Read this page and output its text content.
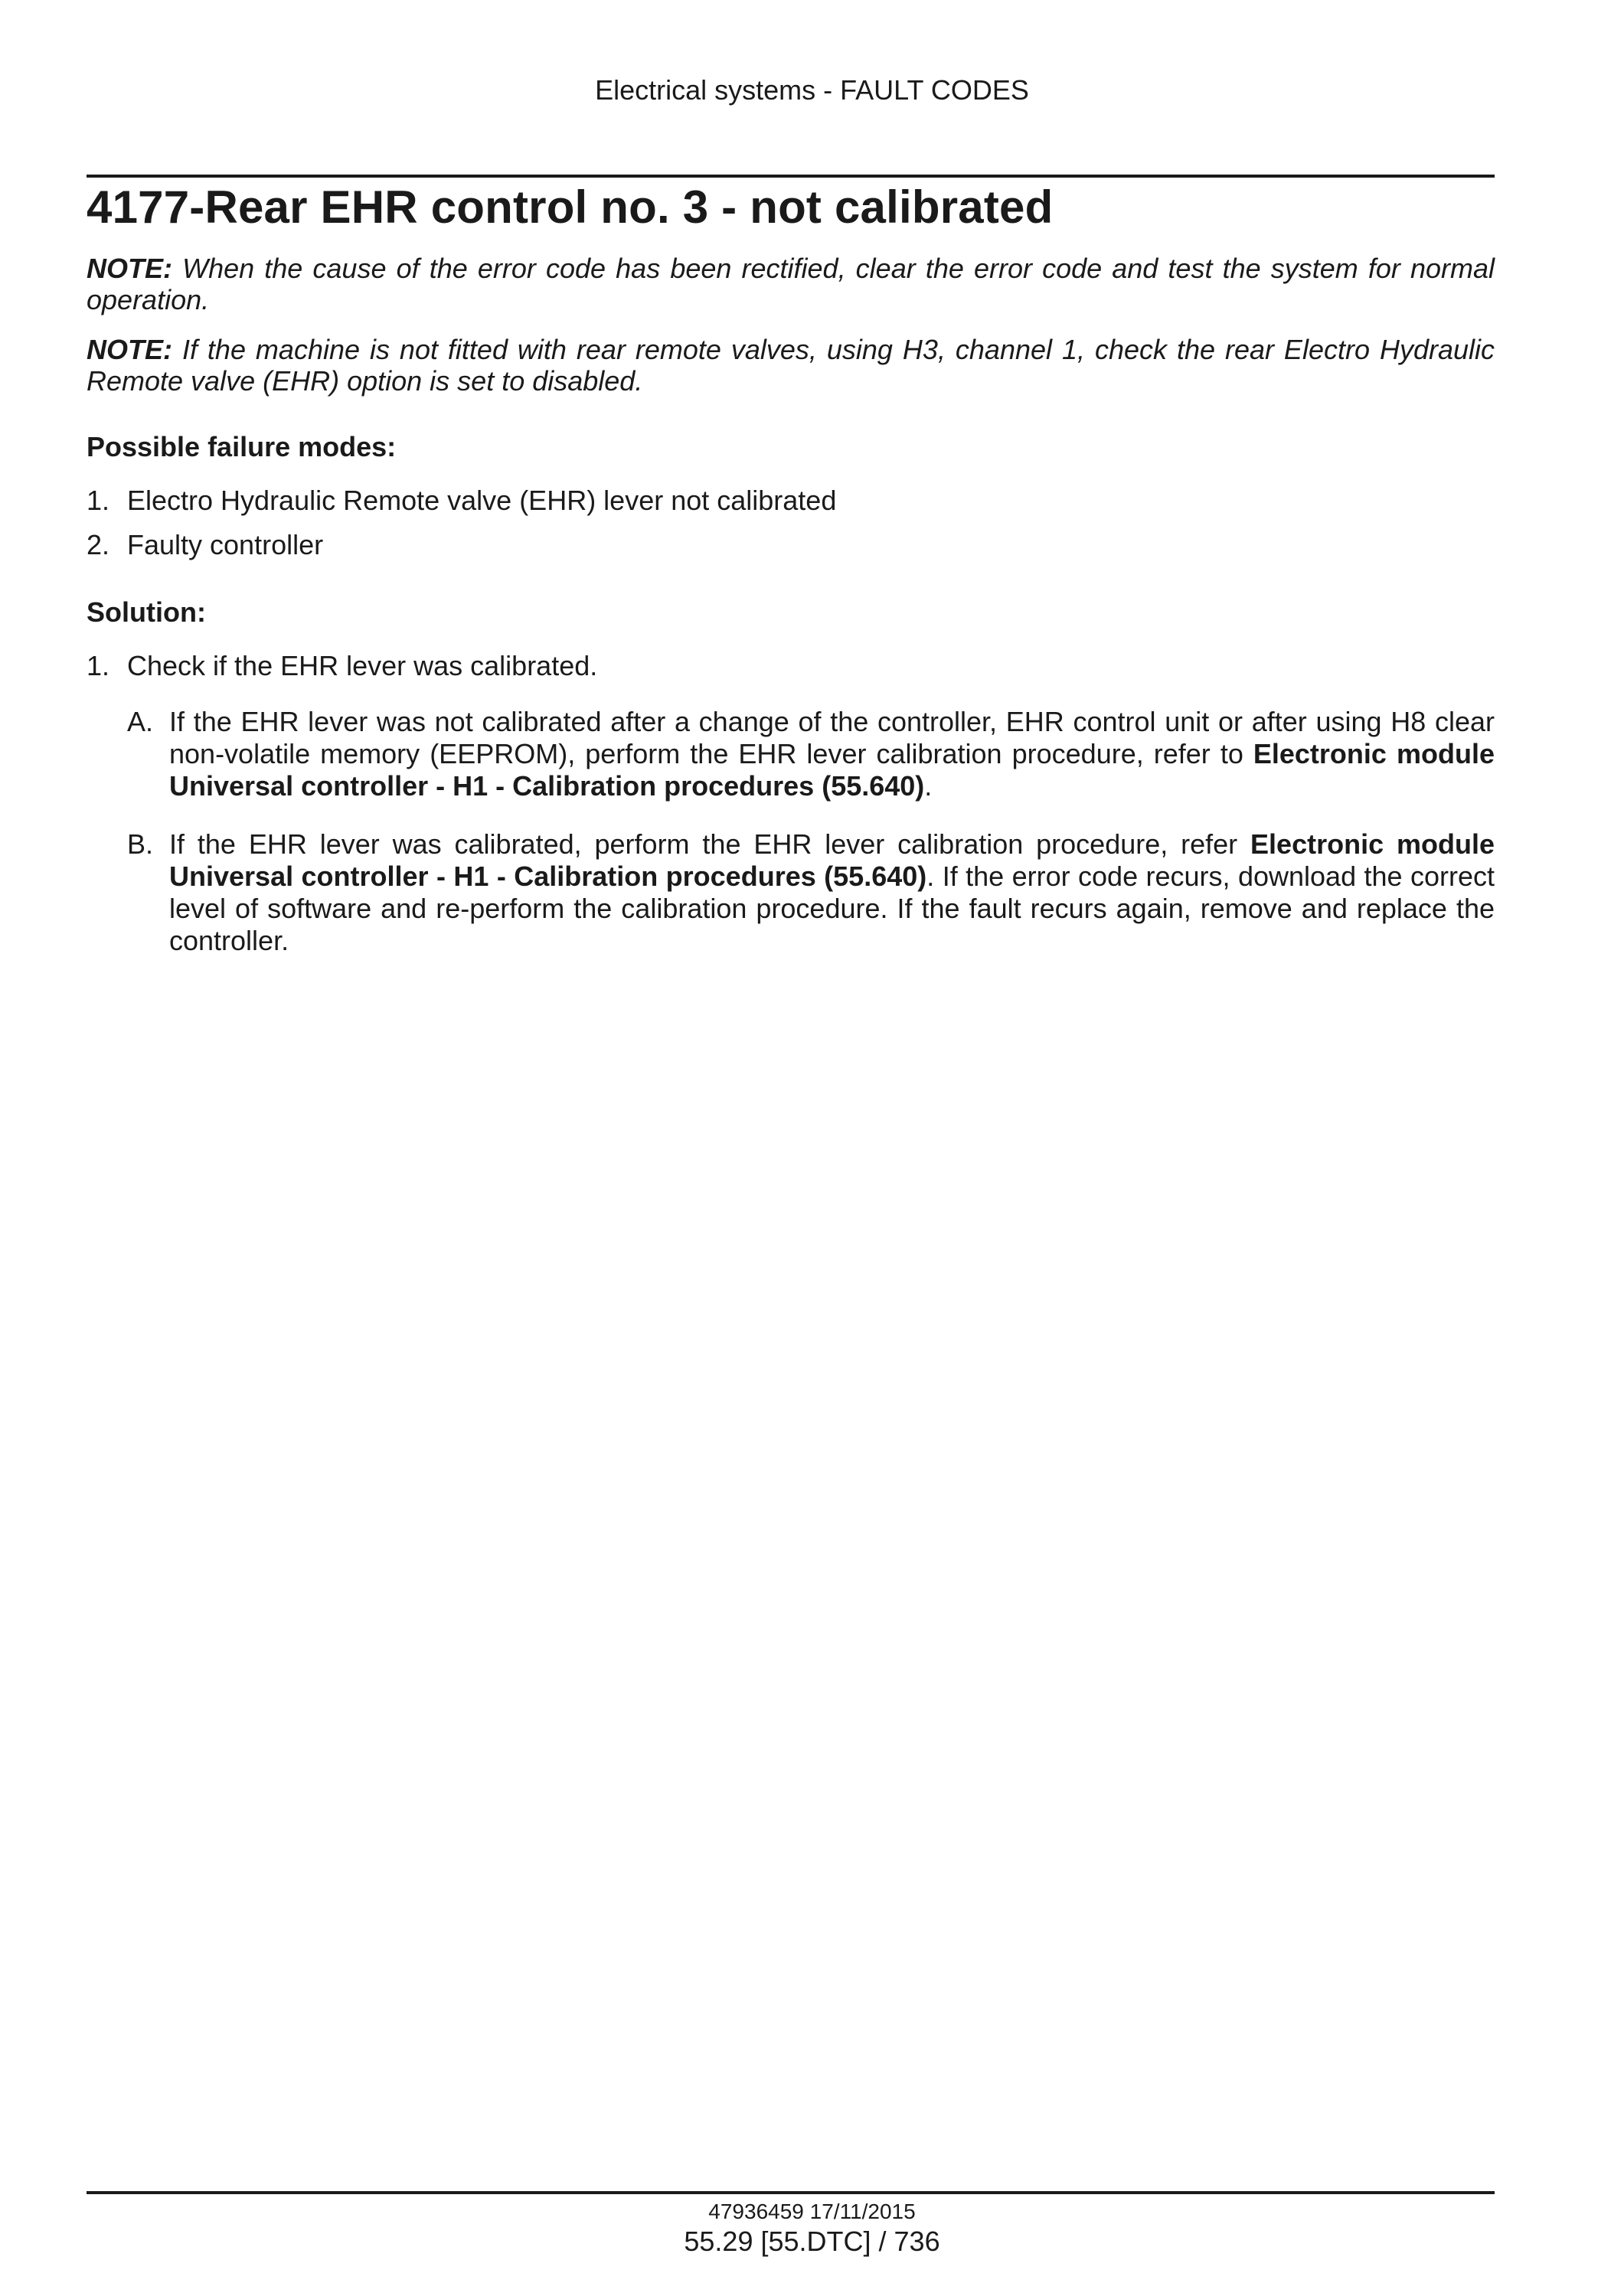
Electrical systems - FAULT CODES
4177-Rear EHR control no. 3 - not calibrated

NOTE: When the cause of the error code has been rectified, clear the error code and test the system for normal operation.

NOTE: If the machine is not fitted with rear remote valves, using H3, channel 1, check the rear Electro Hydraulic Remote valve (EHR) option is set to disabled.

Possible failure modes:
1. Electro Hydraulic Remote valve (EHR) lever not calibrated
2. Faulty controller
Solution:
1. Check if the EHR lever was calibrated.
A. If the EHR lever was not calibrated after a change of the controller, EHR control unit or after using H8 clear non-volatile memory (EEPROM), perform the EHR lever calibration procedure, refer to Electronic module Universal controller - H1 - Calibration procedures (55.640).
B. If the EHR lever was calibrated, perform the EHR lever calibration procedure, refer Electronic module Universal controller - H1 - Calibration procedures (55.640). If the error code recurs, download the correct level of software and re-perform the calibration procedure. If the fault recurs again, remove and replace the controller.
47936459 17/11/2015
55.29 [55.DTC] / 736
